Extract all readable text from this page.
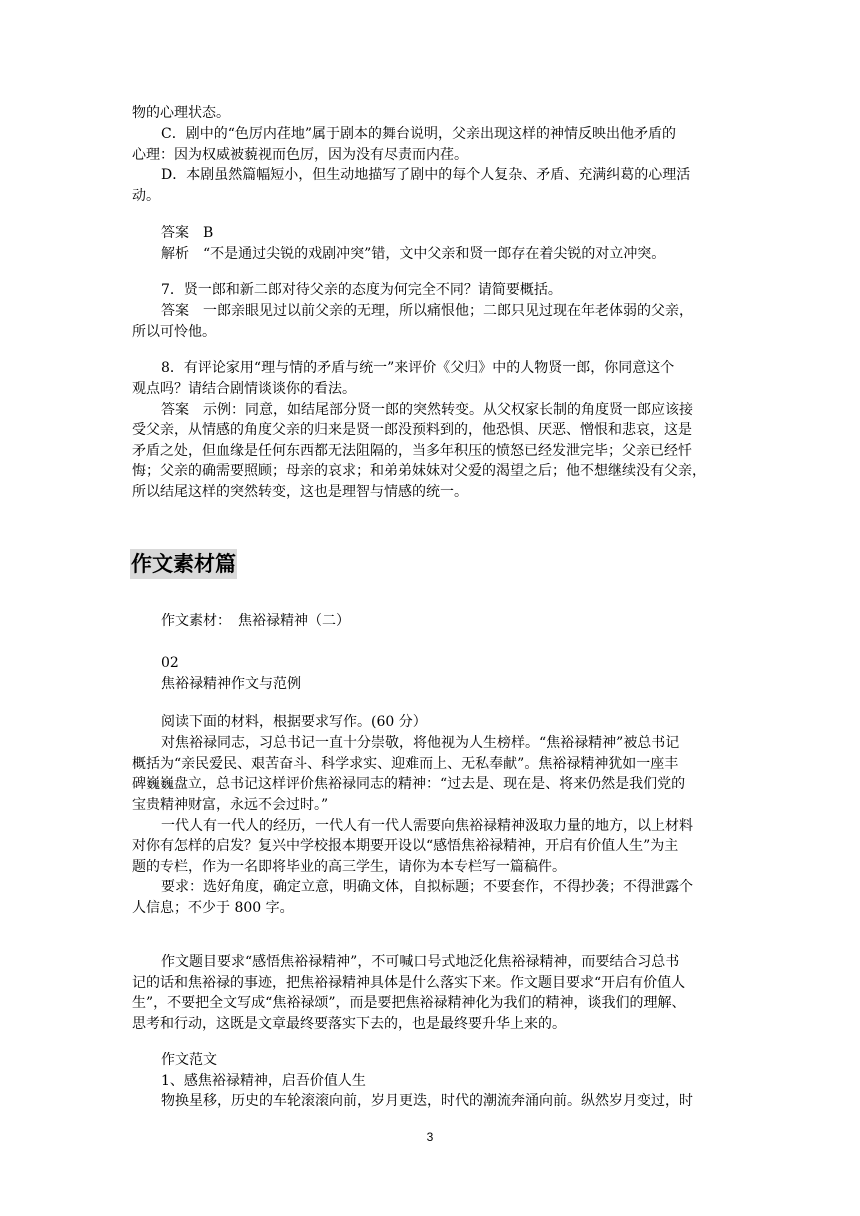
物的心理状态。
C．剧中的“色厉内荏地”属于剧本的舞台说明，父亲出现这样的神情反映出他矛盾的
心理：因为权威被藐视而色厉，因为没有尽责而内荏。
D．本剧虽然篇幅短小，但生动地描写了剧中的每个人复杂、矛盾、充满纠葛的心理活
动。
答案　B
解析　“不是通过尖锐的戏剧冲突”错，文中父亲和贤一郎存在着尖锐的对立冲突。
7．贤一郎和新二郎对待父亲的态度为何完全不同？请简要概括。
答案　一郎亲眼见过以前父亲的无理，所以痛恨他；二郎只见过现在年老体弱的父亲，
所以可怜他。
8．有评论家用“理与情的矛盾与统一”来评价《父归》中的人物贤一郎，你同意这个
观点吗？请结合剧情谈谈你的看法。
答案　示例：同意，如结尾部分贤一郎的突然转变。从父权家长制的角度贤一郎应该接
受父亲，从情感的角度父亲的归来是贤一郎没预料到的，他恐惧、厌恶、憎恨和悲哀，这是
矛盾之处，但血缘是任何东西都无法阻隔的，当多年积压的愤怒已经发泄完毕；父亲已经忏
悔；父亲的确需要照顾；母亲的哀求；和弟弟妹妹对父爱的渴望之后；他不想继续没有父亲，
所以结尾这样的突然转变，这也是理智与情感的统一。
作文素材篇
作文素材：　焦裕禄精神（二）
02
焦裕禄精神作文与范例
阅读下面的材料，根据要求写作。(60 分）
对焦裕禄同志，习总书记一直十分崇敬，将他视为人生榜样。“焦裕禄精神”被总书记
概括为“亲民爱民、艰苦奋斗、科学求实、迎难而上、无私奉献”。焦裕禄精神犹如一座丰
碑巍巍盘立，总书记这样评价焦裕禄同志的精神：“过去是、现在是、将来仍然是我们党的
宝贵精神财富，永远不会过时。”
一代人有一代人的经历，一代人有一代人需要向焦裕禄精神汲取力量的地方，以上材料
对你有怎样的启发？复兴中学校报本期要开设以“感悟焦裕禄精神，开启有价值人生”为主
题的专栏，作为一名即将毕业的高三学生，请你为本专栏写一篇稿件。
要求：选好角度，确定立意，明确文体，自拟标题；不要套作，不得抄袭；不得泄露个
人信息；不少于 800 字。
作文题目要求“感悟焦裕禄精神”，不可喊口号式地泛化焦裕禄精神，而要结合习总书
记的话和焦裕禄的事迹，把焦裕禄精神具体是什么落实下来。作文题目要求“开启有价值人
生”，不要把全文写成“焦裕禄颂”，而是要把焦裕禄精神化为我们的精神，谈我们的理解、
思考和行动，这既是文章最终要落实下去的，也是最终要升华上来的。
作文范文
1、感焦裕禄精神，启吾价值人生
物换星移，历史的车轮滚滚向前，岁月更迭，时代的潮流奔涌向前。纵然岁月变过，时
3
